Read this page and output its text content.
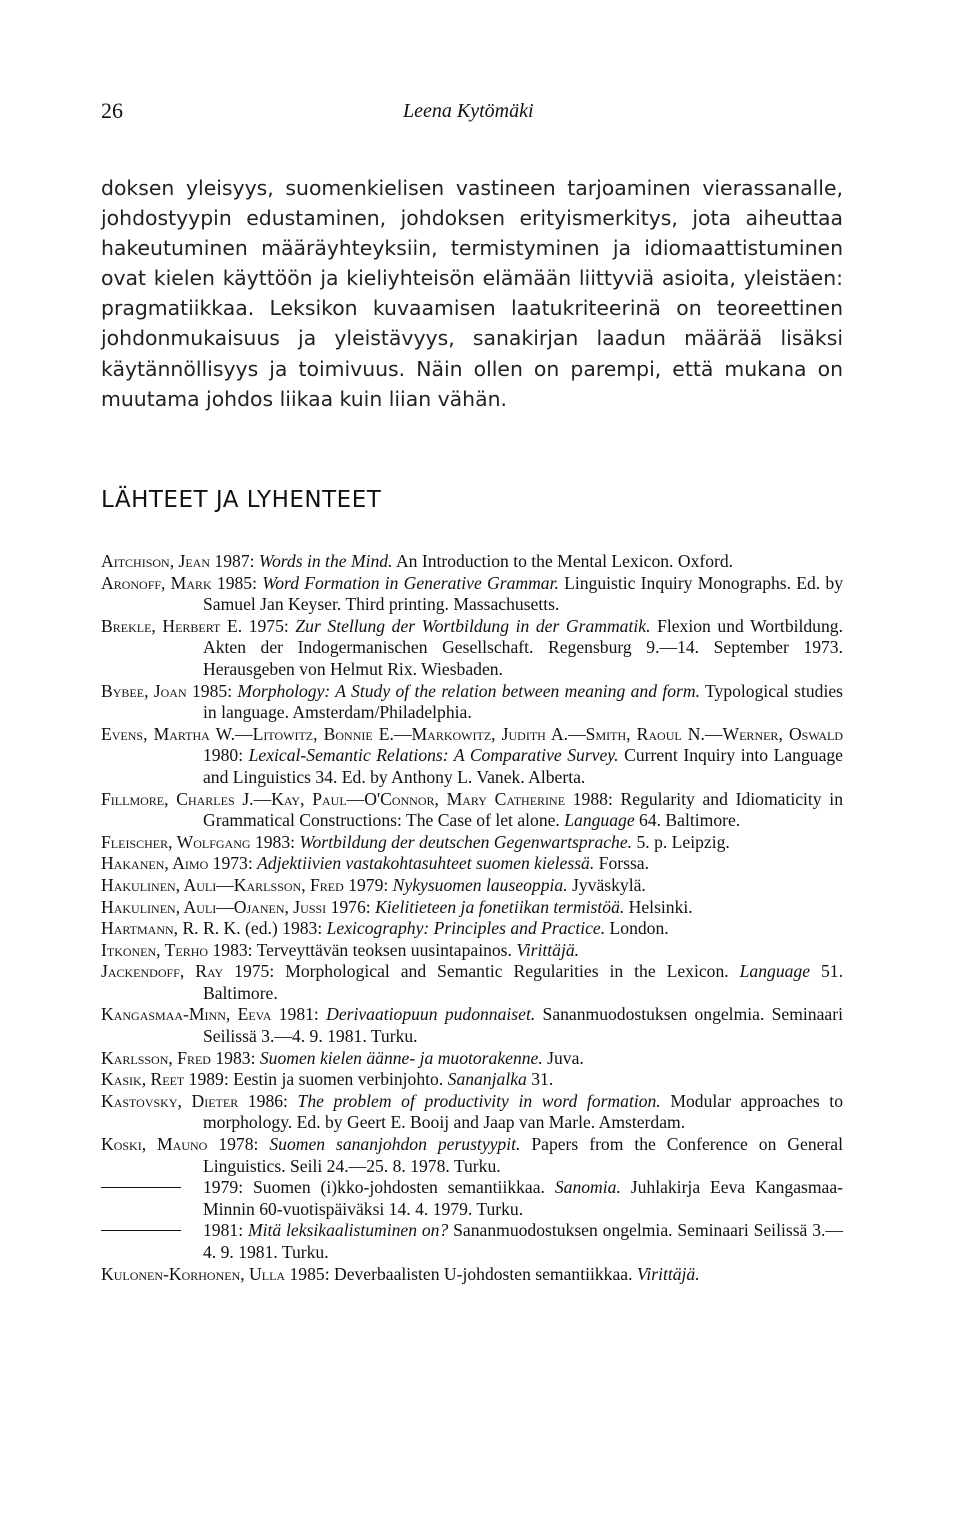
26	Leena Kytömäki

doksen yleisyys, suomenkielisen vastineen tarjoaminen vierassanalle, johdostyypin edustaminen, johdoksen erityismerkitys, jota aiheuttaa hakeutuminen määräyhteyksiin, termistyminen ja idiomaattistuminen ovat kielen käyttöön ja kieliyhteisön elämään liittyviä asioita, yleistäen: pragmatiikkaa. Leksikon kuvaamisen laatukriteerinä on teoreettinen johdonmukaisuus ja yleistävyys, sanakirjan laadun määrää lisäksi käytännöllisyys ja toimivuus. Näin ollen on parempi, että mukana on muutama johdos liikaa kuin liian vähän.

LÄHTEET JA LYHENTEET

Aitchison, Jean 1987: Words in the Mind. An Introduction to the Mental Lexicon. Oxford.

Aronoff, Mark 1985: Word Formation in Generative Grammar. Linguistic Inquiry Monographs. Ed. by Samuel Jan Keyser. Third printing. Massachusetts.

Brekle, Herbert E. 1975: Zur Stellung der Wortbildung in der Grammatik. Flexion und Wortbildung. Akten der Indogermanischen Gesellschaft. Regensburg 9.—14. September 1973. Herausgeben von Helmut Rix. Wiesbaden.

Bybee, Joan 1985: Morphology: A Study of the relation between meaning and form. Typological studies in language. Amsterdam/Philadelphia.

Evens, Martha W.—Litowitz, Bonnie E.—Markowitz, Judith A.—Smith, Raoul N.—Werner, Oswald 1980: Lexical-Semantic Relations: A Comparative Survey. Current Inquiry into Language and Linguistics 34. Ed. by Anthony L. Vanek. Alberta.

Fillmore, Charles J.—Kay, Paul—O'Connor, Mary Catherine 1988: Regularity and Idiomaticity in Grammatical Constructions: The Case of let alone. Language 64. Baltimore.

Fleischer, Wolfgang 1983: Wortbildung der deutschen Gegenwartsprache. 5. p. Leipzig.

Hakanen, Aimo 1973: Adjektiivien vastakohtasuhteet suomen kielessä. Forssa.

Hakulinen, Auli—Karlsson, Fred 1979: Nykysuomen lauseoppia. Jyväskylä.

Hakulinen, Auli—Ojanen, Jussi 1976: Kielitieteen ja fonetiikan termistöä. Helsinki.

Hartmann, R. R. K. (ed.) 1983: Lexicography: Principles and Practice. London.

Itkonen, Terho 1983: Terveyttävän teoksen uusintapainos. Virittäjä.

Jackendoff, Ray 1975: Morphological and Semantic Regularities in the Lexicon. Language 51. Baltimore.

Kangasmaa-Minn, Eeva 1981: Derivaatiopuun pudonnaiset. Sananmuodostuksen ongelmia. Seminaari Seilissä 3.—4. 9. 1981. Turku.

Karlsson, Fred 1983: Suomen kielen äänne- ja muotorakenne. Juva.

Kasik, Reet 1989: Eestin ja suomen verbinjohto. Sananjalka 31.

Kastovsky, Dieter 1986: The problem of productivity in word formation. Modular approaches to morphology. Ed. by Geert E. Booij and Jaap van Marle. Amsterdam.

Koski, Mauno 1978: Suomen sananjohdon perustyypit. Papers from the Conference on General Linguistics. Seili 24.—25. 8. 1978. Turku.

1979: Suomen (i)kko-johdosten semantiikkaa. Sanomia. Juhlakirja Eeva Kangasmaa-Minnin 60-vuotispäiväksi 14. 4. 1979. Turku.

1981: Mitä leksikaalistuminen on? Sananmuodostuksen ongelmia. Seminaari Seilissä 3.—4. 9. 1981. Turku.

Kulonen-Korhonen, Ulla 1985: Deverbaalisten U-johdosten semantiikkaa. Virittäjä.
